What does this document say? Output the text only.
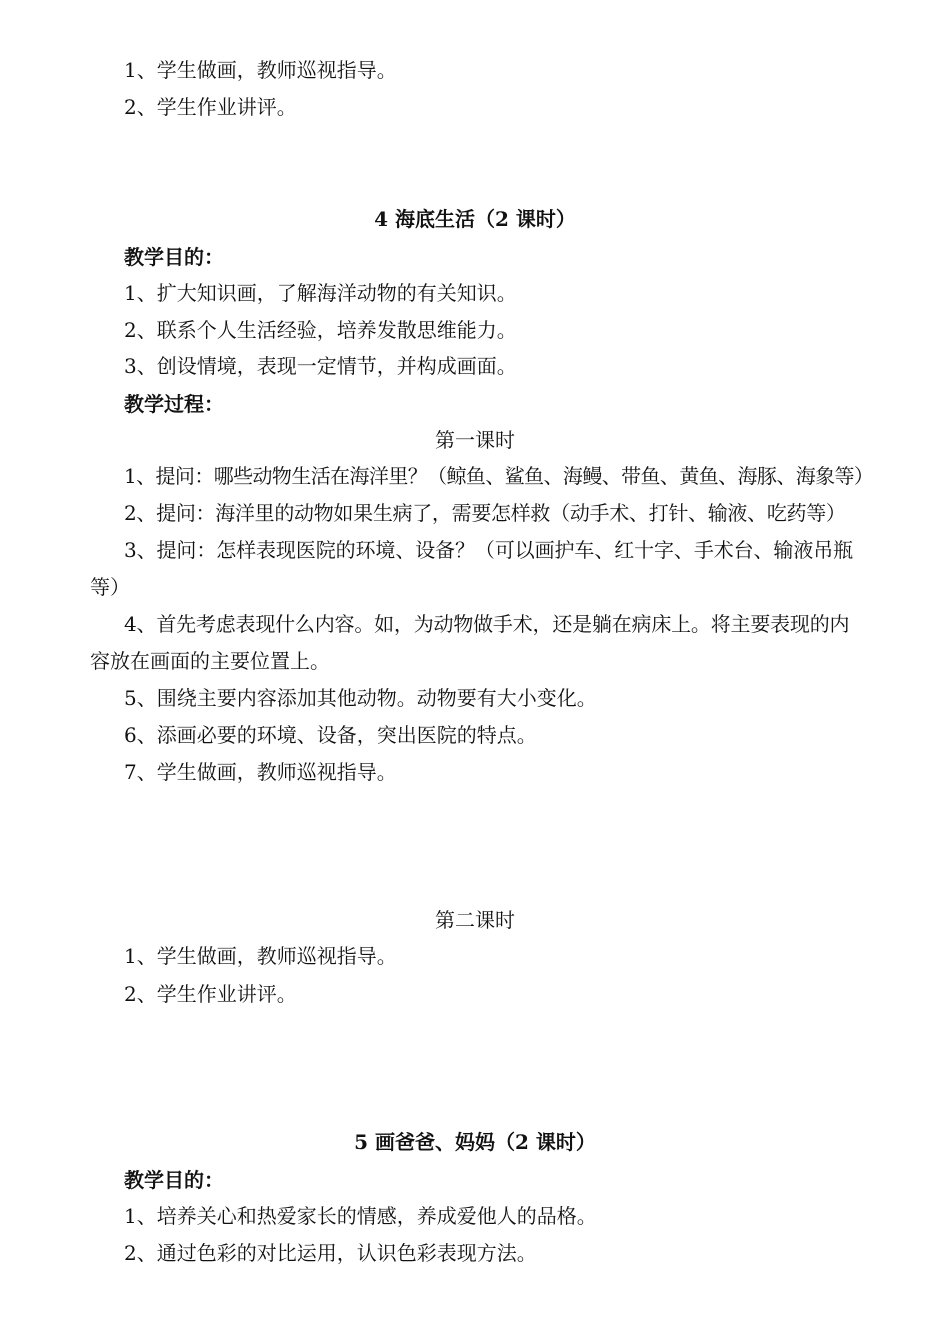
1、学生做画，教师巡视指导。
2、学生作业讲评。
4 海底生活（2 课时）
教学目的：
1、扩大知识画，了解海洋动物的有关知识。
2、联系个人生活经验，培养发散思维能力。
3、创设情境，表现一定情节，并构成画面。
教学过程：
第一课时
1、提问：哪些动物生活在海洋里？（鲸鱼、鲨鱼、海鳗、带鱼、黄鱼、海豚、海象等）
2、提问：海洋里的动物如果生病了，需要怎样救（动手术、打针、输液、吃药等）
3、提问：怎样表现医院的环境、设备？（可以画护车、红十字、手术台、输液吊瓶
等）
4、首先考虑表现什么内容。如，为动物做手术，还是躺在病床上。将主要表现的内
容放在画面的主要位置上。
5、围绕主要内容添加其他动物。动物要有大小变化。
6、添画必要的环境、设备，突出医院的特点。
7、学生做画，教师巡视指导。
第二课时
1、学生做画，教师巡视指导。
2、学生作业讲评。
5 画爸爸、妈妈（2 课时）
教学目的：
1、培养关心和热爱家长的情感，养成爱他人的品格。
2、通过色彩的对比运用，认识色彩表现方法。
